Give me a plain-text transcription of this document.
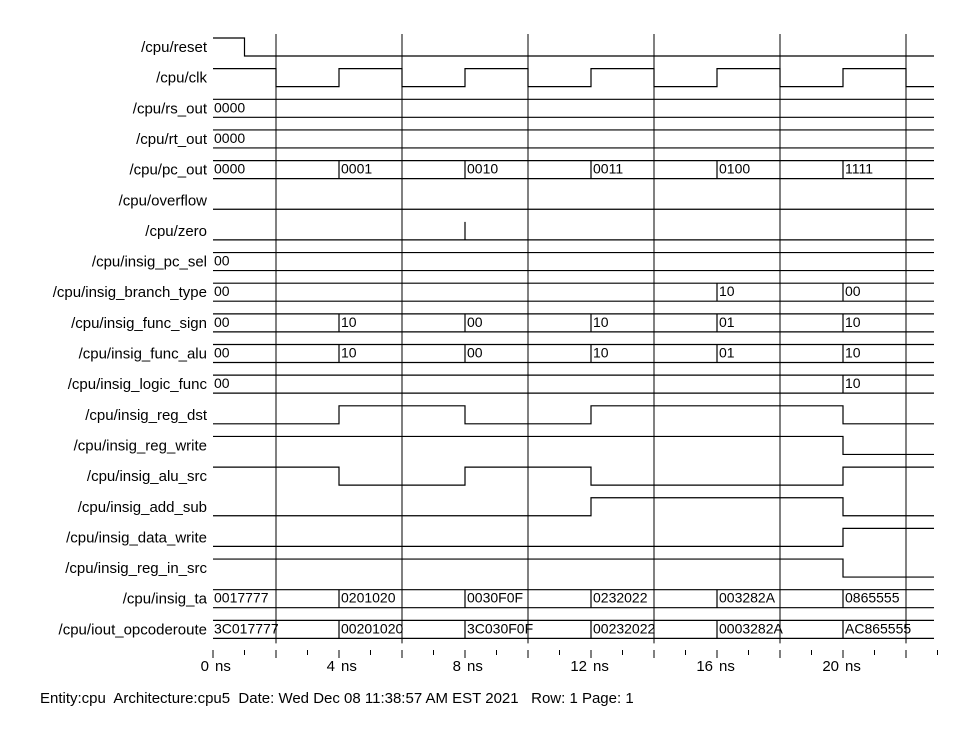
/cpu/reset
/cpu/clk
/cpu/rs_out 0000
/cpu/rt_out 0000
/cpu/pc_out 0000	0001	0010	0011	0100	1111
/cpu/overflow
/cpu/zero
/cpu/insig_pc_sel 00
/cpu/insig_branch_type 00	10	00
/cpu/insig_func_sign 00	10	00	10	01	10
/cpu/insig_func_alu 00	10	00	10	01	10
/cpu/insig_logic_func 00	10
/cpu/insig_reg_dst
/cpu/insig_reg_write
/cpu/insig_alu_src
/cpu/insig_add_sub
/cpu/insig_data_write
/cpu/insig_reg_in_src
/cpu/insig_ta 0017777	0201020	0030F0F	0232022	003282A	0865555
/cpu/iout_opcoderoute 3C017777	00201020	3C030F0F	00232022	0003282A	AC865555
0 ns	4 ns	8 ns	12 ns	16 ns	20 ns
Entity:cpu  Architecture:cpu5  Date: Wed Dec 08 11:38:57 AM EST 2021   Row: 1 Page: 1
